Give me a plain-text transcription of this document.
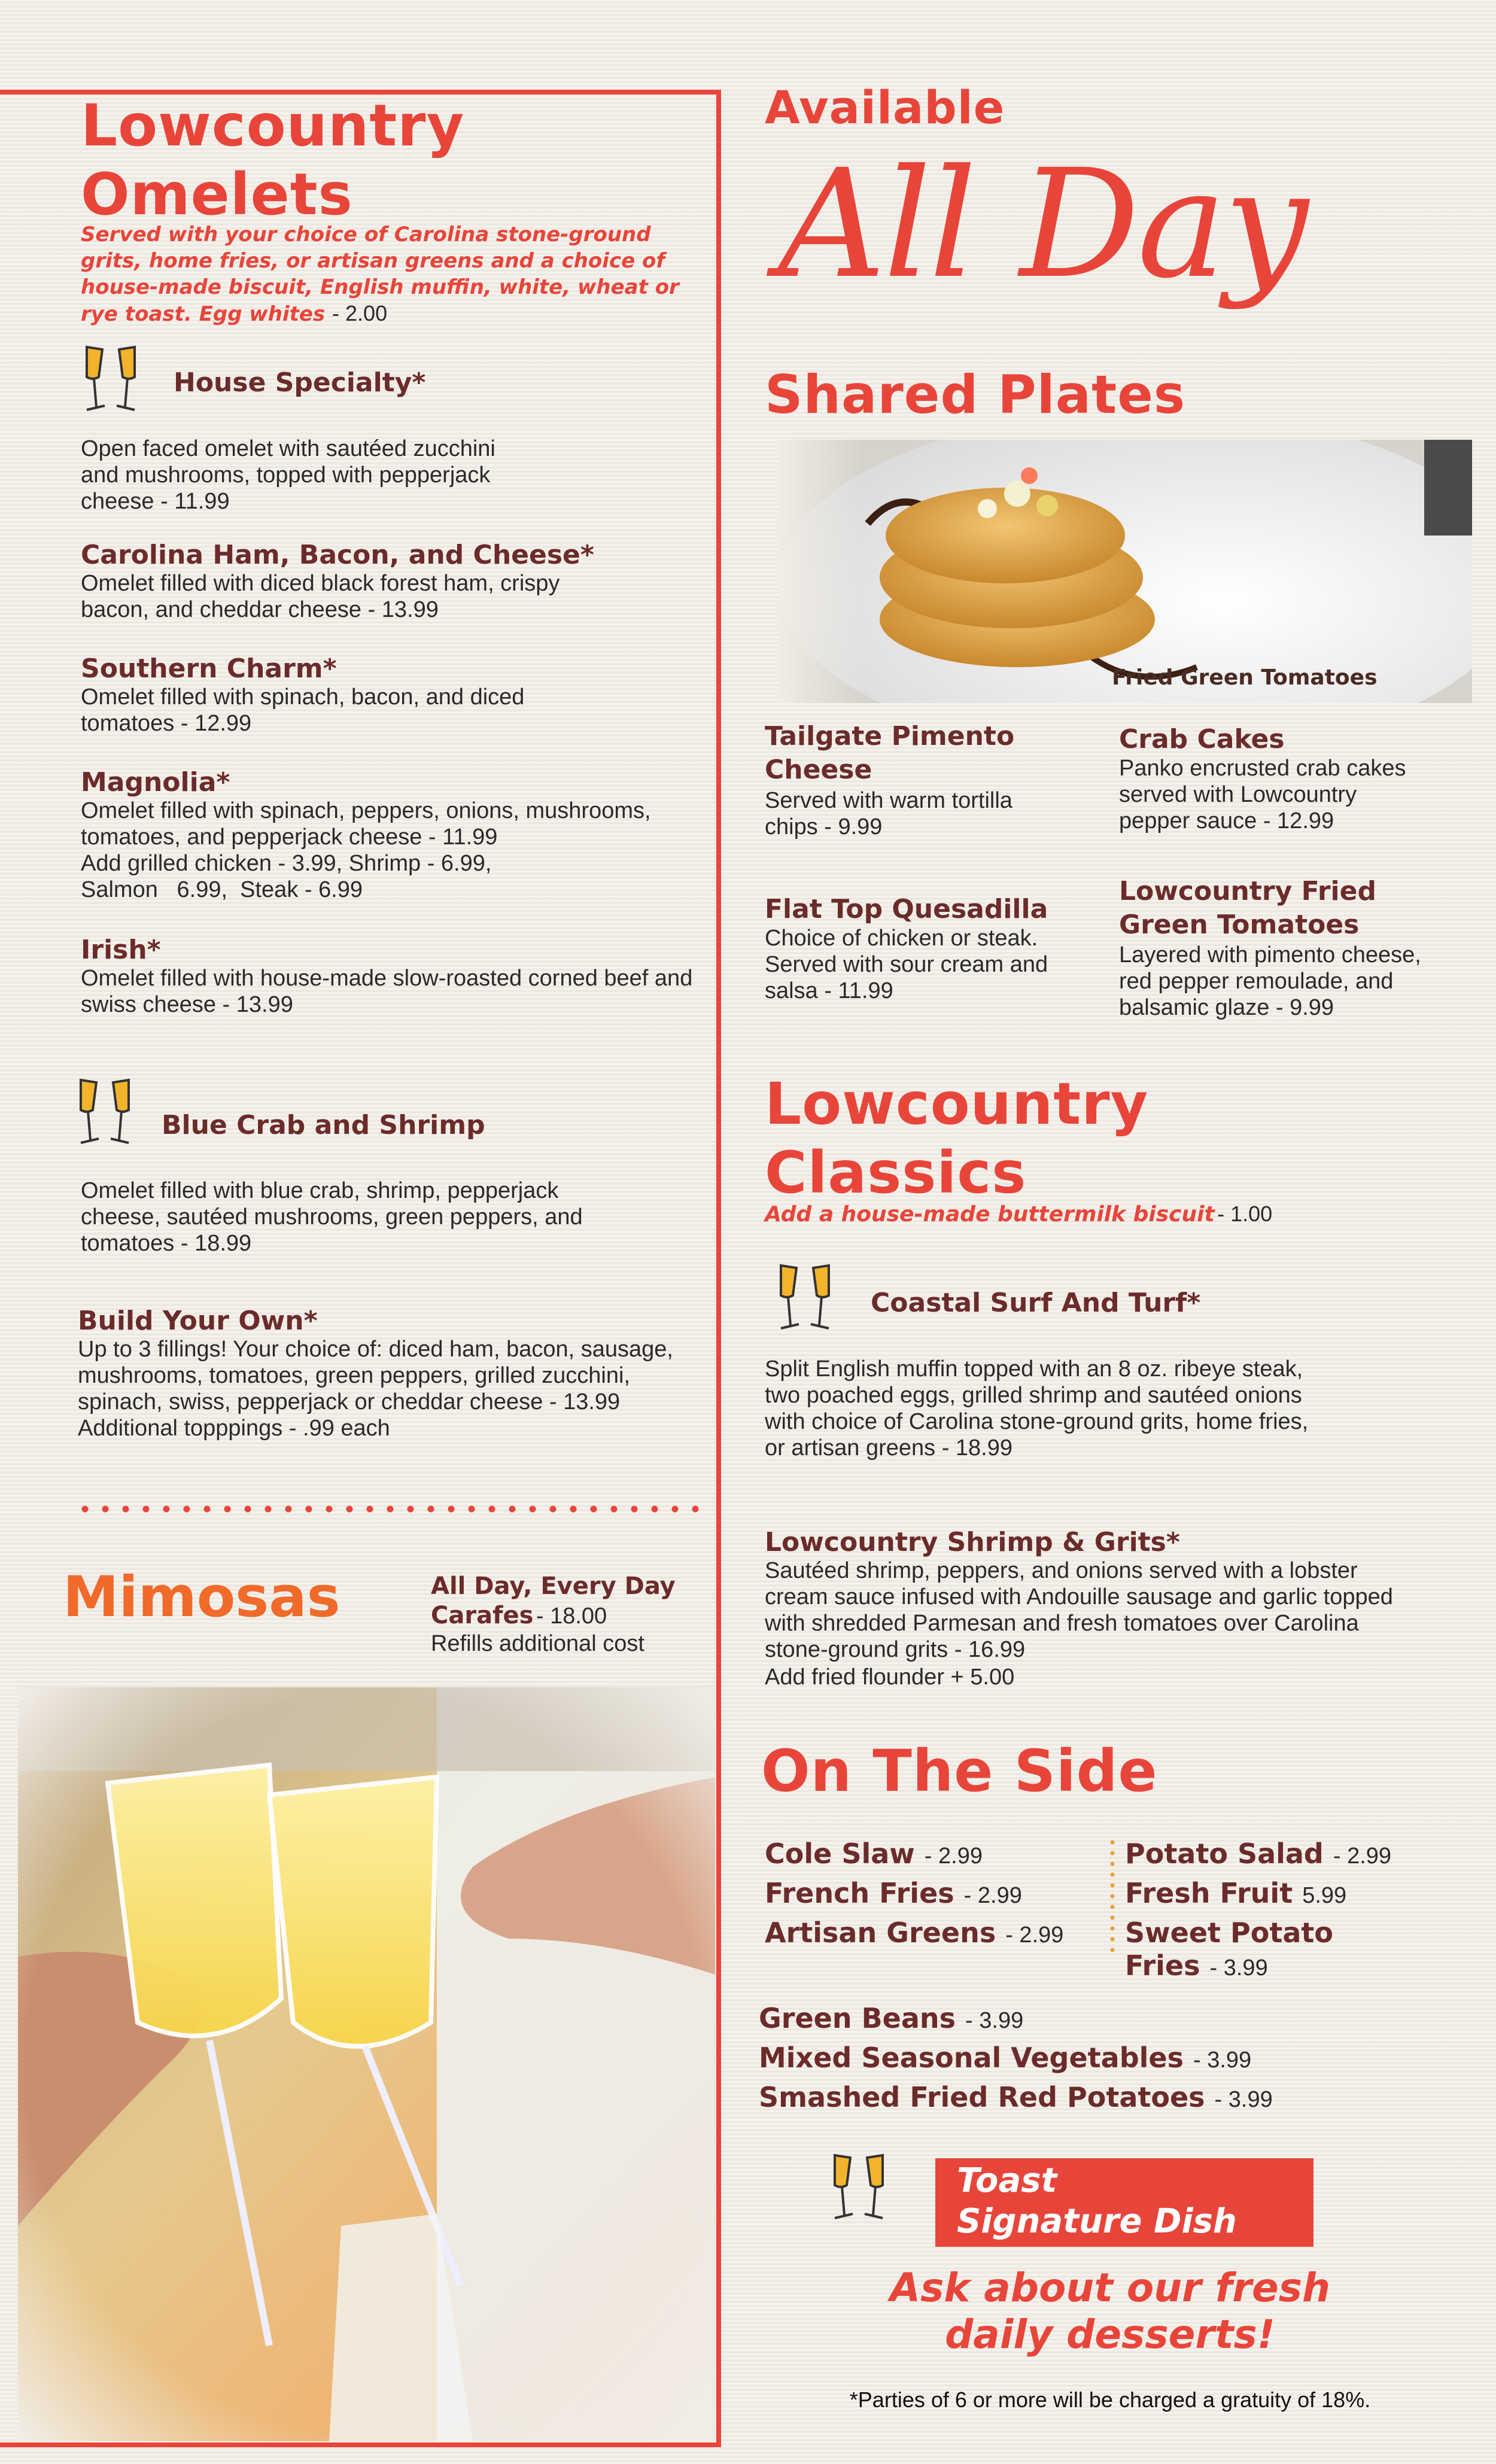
Lowcountry
Omelets
Served with your choice of Carolina stone-ground grits, home fries, or artisan greens and a choice of house-made biscuit, English muffin, white, wheat or rye toast. Egg whites - 2.00
House Specialty*
Open faced omelet with sautéed zucchini and mushrooms, topped with pepperjack cheese - 11.99
Carolina Ham, Bacon, and Cheese*
Omelet filled with diced black forest ham, crispy bacon, and cheddar cheese - 13.99
Southern Charm*
Omelet filled with spinach, bacon, and diced tomatoes - 12.99
Magnolia*
Omelet filled with spinach, peppers, onions, mushrooms, tomatoes, and pepperjack cheese - 11.99
Add grilled chicken - 3.99, Shrimp - 6.99,
Salmon   6.99,  Steak - 6.99
Irish*
Omelet filled with house-made slow-roasted corned beef and swiss cheese - 13.99
Blue Crab and Shrimp
Omelet filled with blue crab, shrimp, pepperjack cheese, sautéed mushrooms, green peppers, and tomatoes - 18.99
Build Your Own*
Up to 3 fillings! Your choice of: diced ham, bacon, sausage, mushrooms, tomatoes, green peppers, grilled zucchini, spinach, swiss, pepperjack or cheddar cheese - 13.99 Additional topppings - .99 each
Mimosas	All Day, Every Day
Carafes - 18.00
Refills additional cost
Available
All Day
Shared Plates
Fried Green Tomatoes
Tailgate Pimento Cheese
Served with warm tortilla chips - 9.99
Crab Cakes
Panko encrusted crab cakes served with Lowcountry pepper sauce - 12.99
Flat Top Quesadilla
Choice of chicken or steak. Served with sour cream and salsa - 11.99
Lowcountry Fried Green Tomatoes
Layered with pimento cheese, red pepper remoulade, and balsamic glaze - 9.99
Lowcountry
Classics
Add a house-made buttermilk biscuit - 1.00
Coastal Surf And Turf*
Split English muffin topped with an 8 oz. ribeye steak, two poached eggs, grilled shrimp and sautéed onions with choice of Carolina stone-ground grits, home fries, or artisan greens - 18.99
Lowcountry Shrimp & Grits*
Sautéed shrimp, peppers, and onions served with a lobster cream sauce infused with Andouille sausage and garlic topped with shredded Parmesan and fresh tomatoes over Carolina stone-ground grits - 16.99
Add fried flounder + 5.00
On The Side
Cole Slaw - 2.99
French Fries - 2.99
Artisan Greens - 2.99
Potato Salad - 2.99
Fresh Fruit 5.99
Sweet Potato
Fries - 3.99
Green Beans - 3.99
Mixed Seasonal Vegetables - 3.99
Smashed Fried Red Potatoes - 3.99
Toast
Signature Dish
Ask about our fresh
daily desserts!
*Parties of 6 or more will be charged a gratuity of 18%.
